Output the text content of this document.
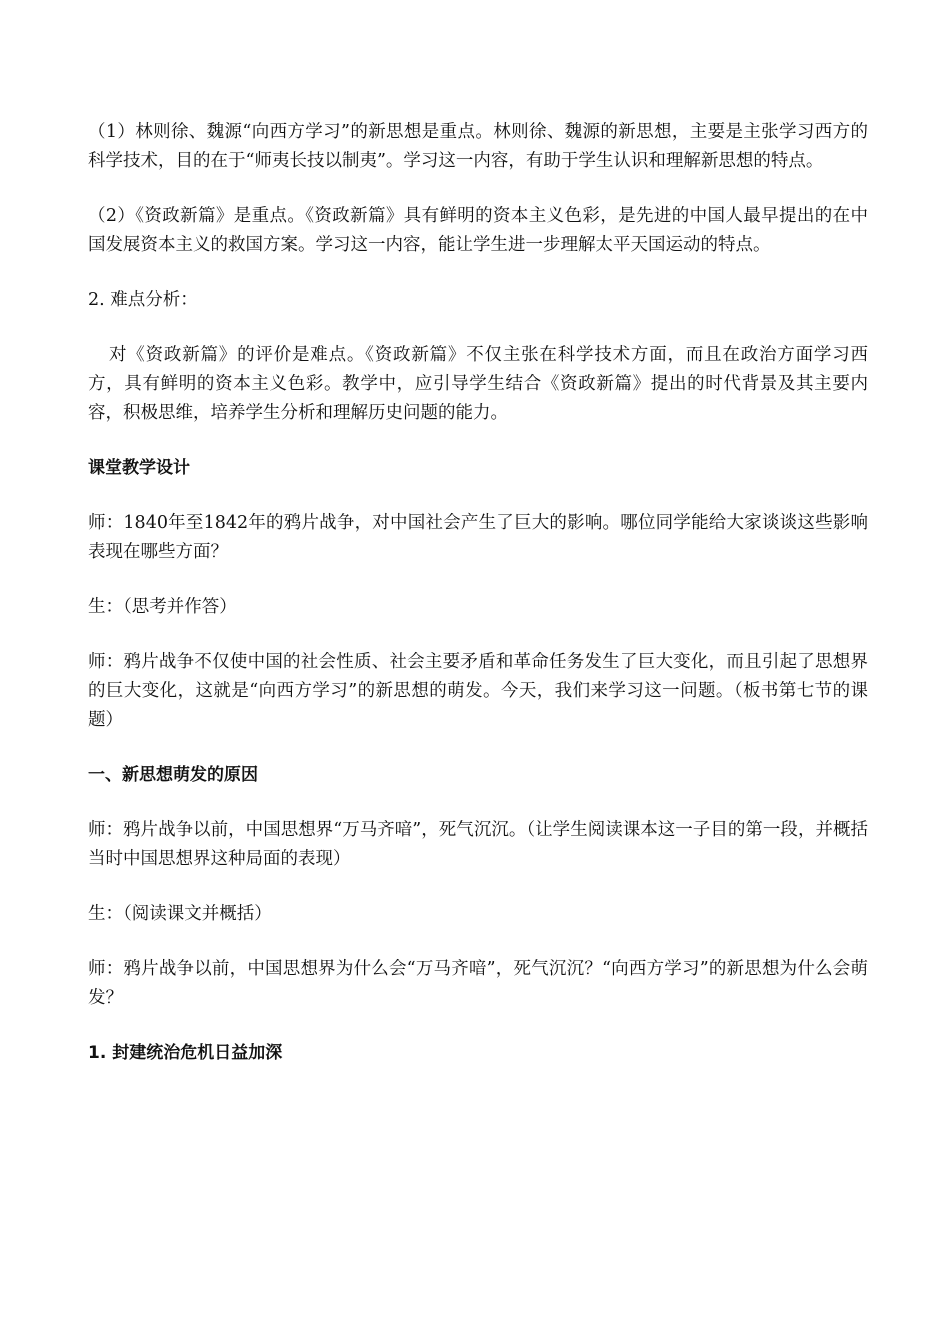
（1）林则徐、魏源“向西方学习”的新思想是重点。林则徐、魏源的新思想，主要是主张学习西方的科学技术，目的在于“师夷长技以制夷”。学习这一内容，有助于学生认识和理解新思想的特点。

（2）《资政新篇》是重点。《资政新篇》具有鲜明的资本主义色彩，是先进的中国人最早提出的在中国发展资本主义的救国方案。学习这一内容，能让学生进一步理解太平天国运动的特点。

2. 难点分析：

对《资政新篇》的评价是难点。《资政新篇》不仅主张在科学技术方面，而且在政治方面学习西方，具有鲜明的资本主义色彩。教学中，应引导学生结合《资政新篇》提出的时代背景及其主要内容，积极思维，培养学生分析和理解历史问题的能力。

课堂教学设计

师：1840年至1842年的鸦片战争，对中国社会产生了巨大的影响。哪位同学能给大家谈谈这些影响表现在哪些方面？

生：（思考并作答）

师：鸦片战争不仅使中国的社会性质、社会主要矛盾和革命任务发生了巨大变化，而且引起了思想界的巨大变化，这就是“向西方学习”的新思想的萌发。今天，我们来学习这一问题。（板书第七节的课题）

一、新思想萌发的原因

师：鸦片战争以前，中国思想界“万马齐喑”，死气沉沉。（让学生阅读课本这一子目的第一段，并概括当时中国思想界这种局面的表现）

生：（阅读课文并概括）

师：鸦片战争以前，中国思想界为什么会“万马齐喑”，死气沉沉？“向西方学习”的新思想为什么会萌发？

1. 封建统治危机日益加深
